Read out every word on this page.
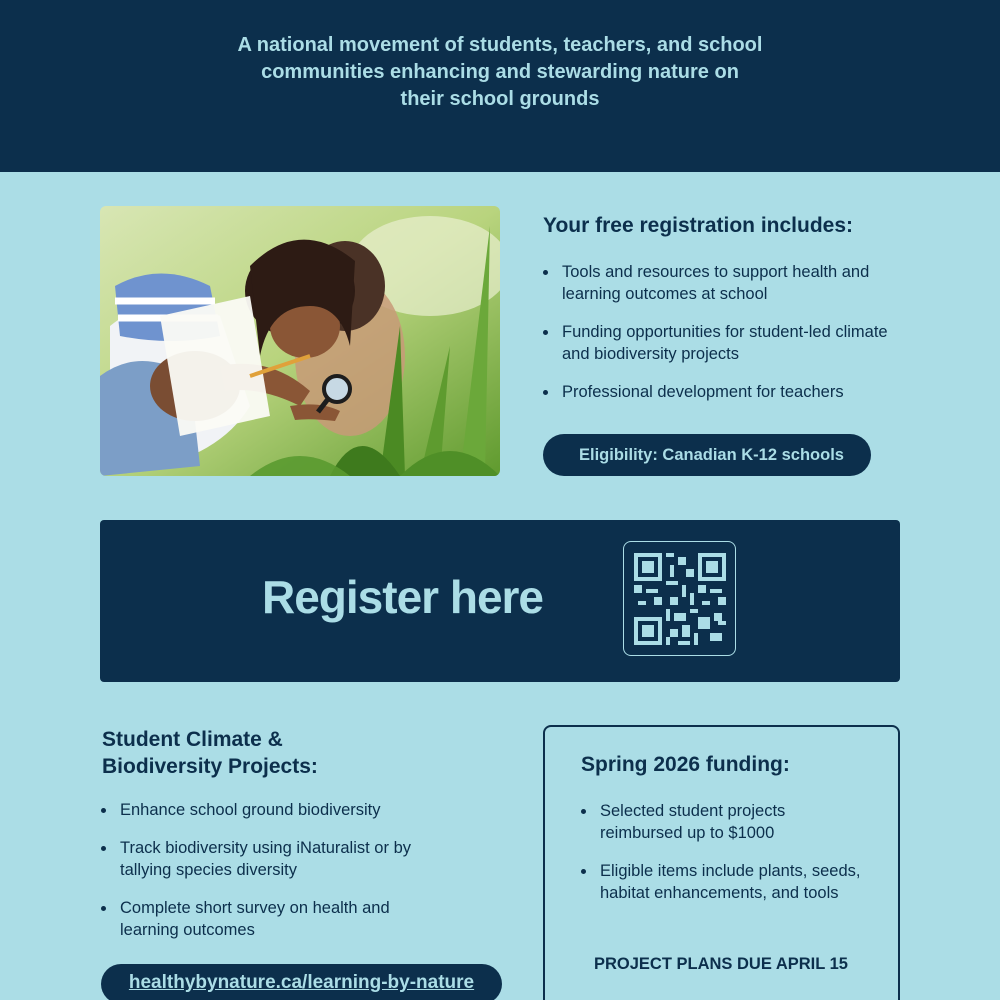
A national movement of students, teachers, and school
communities enhancing and stewarding nature on
their school grounds
Your free registration includes:
Tools and resources to support health and learning outcomes at school
Funding opportunities for student-led climate and biodiversity projects
Professional development for teachers
Eligibility: Canadian K-12 schools
Register here
Student Climate &
Biodiversity Projects:
Enhance school ground biodiversity
Track biodiversity using iNaturalist or by tallying species diversity
Complete short survey on health and learning outcomes
healthybynature.ca/learning-by-nature
Spring 2026 funding:
Selected student projects reimbursed up to $1000
Eligible items include plants, seeds, habitat enhancements, and tools
PROJECT PLANS DUE APRIL 15
